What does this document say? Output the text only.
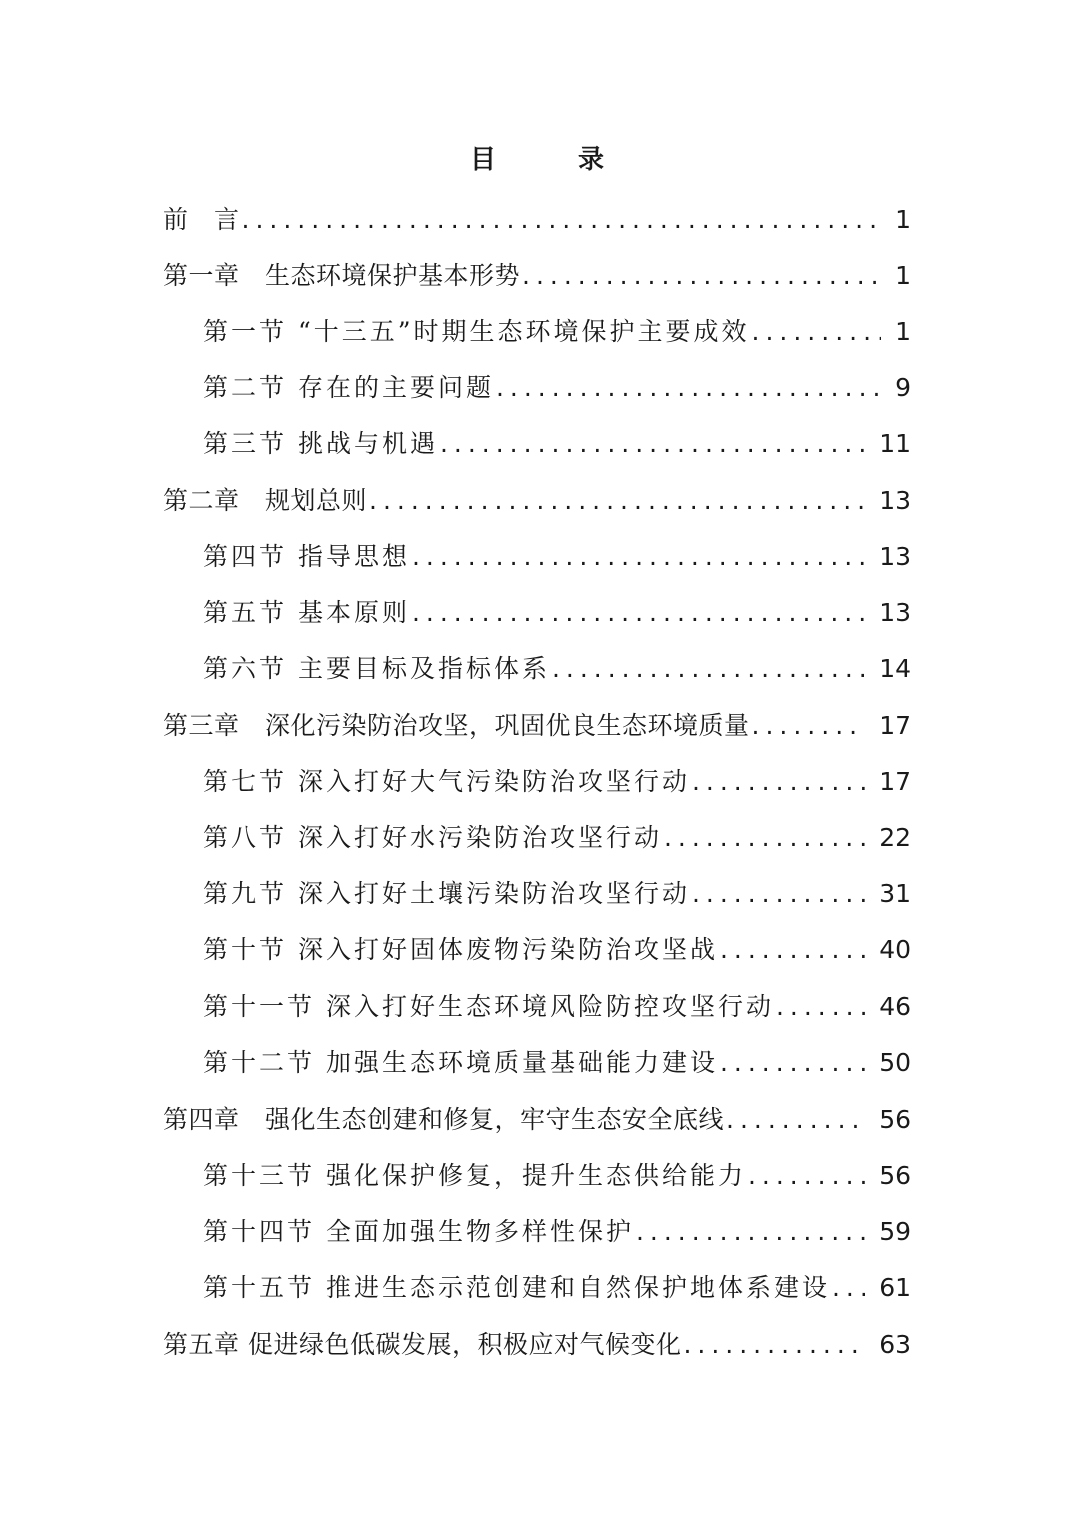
目　录
前　言 .....	1
第一章　生态环境保护基本形势 .....	1
第一节 “十三五”时期生态环境保护主要成效 .....	1
第二节 存在的主要问题 .....	9
第三节 挑战与机遇 .....	11
第二章　规划总则 .....	13
第四节 指导思想 .....	13
第五节 基本原则 .....	13
第六节 主要目标及指标体系 .....	14
第三章　深化污染防治攻坚，巩固优良生态环境质量 .....	17
第七节 深入打好大气污染防治攻坚行动 .....	17
第八节 深入打好水污染防治攻坚行动 .....	22
第九节 深入打好土壤污染防治攻坚行动 .....	31
第十节 深入打好固体废物污染防治攻坚战 .....	40
第十一节 深入打好生态环境风险防控攻坚行动 .....	46
第十二节 加强生态环境质量基础能力建设 .....	50
第四章　强化生态创建和修复，牢守生态安全底线 .....	56
第十三节 强化保护修复，提升生态供给能力 .....	56
第十四节 全面加强生物多样性保护 .....	59
第十五节 推进生态示范创建和自然保护地体系建设 .....	61
第五章 促进绿色低碳发展，积极应对气候变化 .....	63
